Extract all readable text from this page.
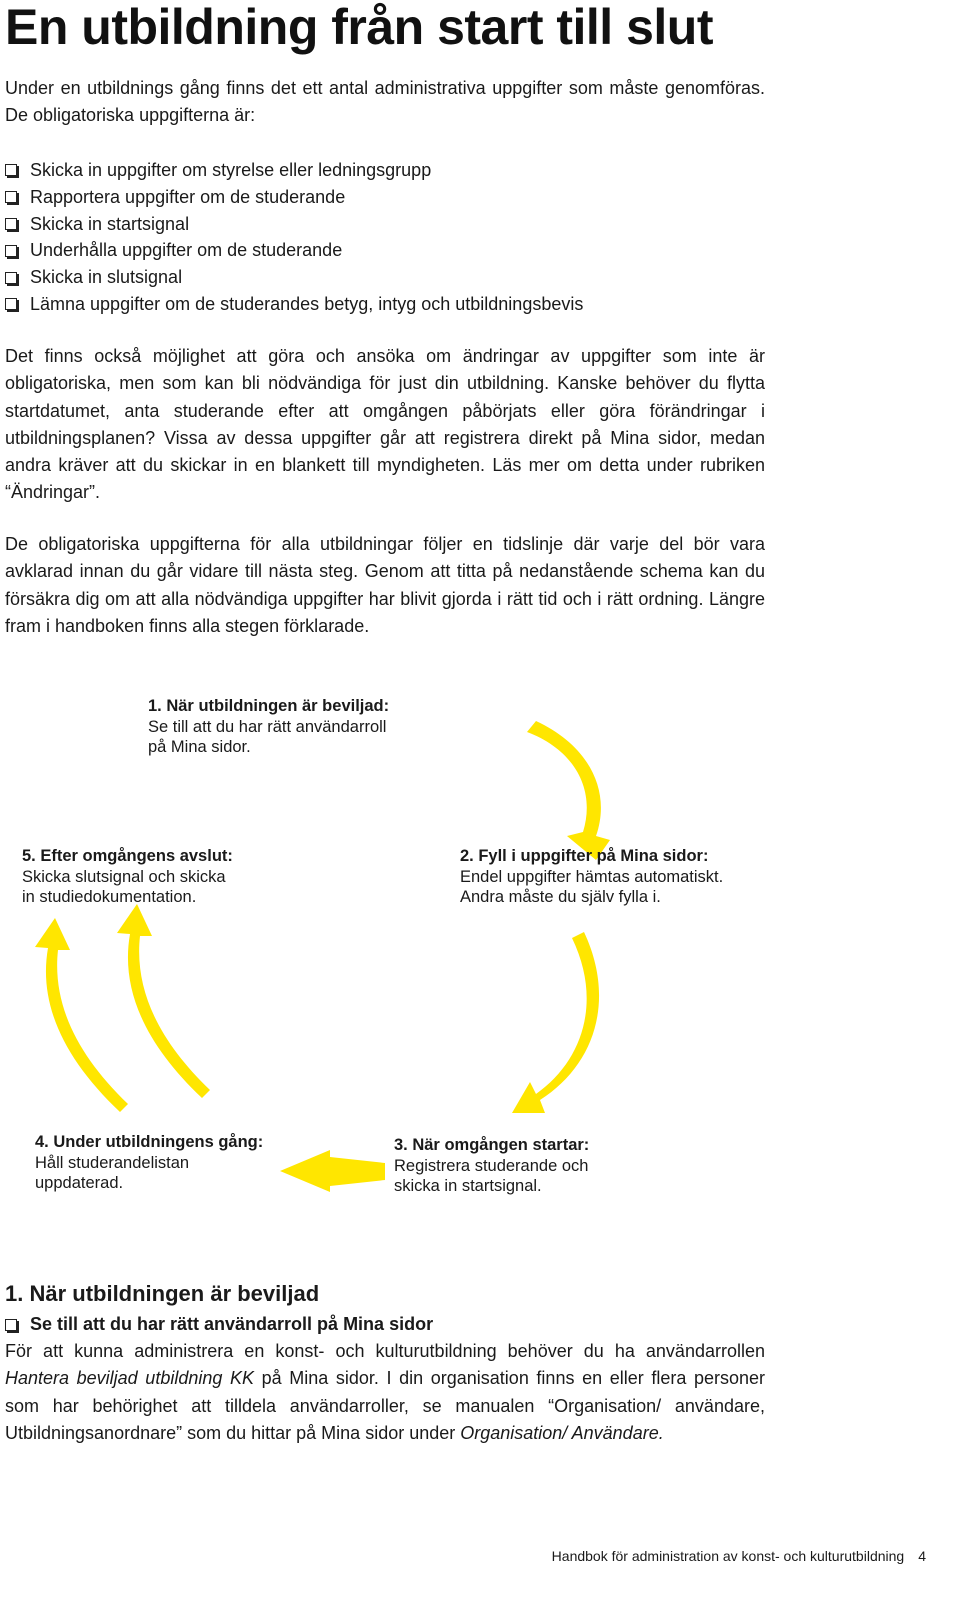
En utbildning från start till slut

Under en utbildnings gång finns det ett antal administrativa uppgifter som måste genomföras. De obligatoriska uppgifterna är:

Skicka in uppgifter om styrelse eller ledningsgrupp
Rapportera uppgifter om de studerande
Skicka in startsignal
Underhålla uppgifter om de studerande
Skicka in slutsignal
Lämna uppgifter om de studerandes betyg, intyg och utbildningsbevis

Det finns också möjlighet att göra och ansöka om ändringar av uppgifter som inte är obligatoriska, men som kan bli nödvändiga för just din utbildning. Kanske behöver du flytta startdatumet, anta studerande efter att omgången påbörjats eller göra förändringar i utbildningsplanen? Vissa av dessa uppgifter går att registrera direkt på Mina sidor, medan andra kräver att du skickar in en blankett till myndigheten. Läs mer om detta under rubriken “Ändringar”.

De obligatoriska uppgifterna för alla utbildningar följer en tidslinje där varje del bör vara avklarad innan du går vidare till nästa steg. Genom att titta på nedanstående schema kan du försäkra dig om att alla nödvändiga uppgifter har blivit gjorda i rätt tid och i rätt ordning. Längre fram i handboken finns alla stegen förklarade.

1. När utbildningen är beviljad:
Se till att du har rätt användarroll
på Mina sidor.
2. Fyll i uppgifter på Mina sidor:
Endel uppgifter hämtas automatiskt.
Andra måste du själv fylla i.
3. När omgången startar:
Registrera studerande och
skicka in startsignal.
4. Under utbildningens gång:
Håll studerandelistan
uppdaterad.
5. Efter omgångens avslut:
Skicka slutsignal och skicka
in studiedokumentation.
1. När utbildningen är beviljad
Se till att du har rätt användarroll på Mina sidor

För att kunna administrera en konst- och kulturutbildning behöver du ha användarrollen Hantera beviljad utbildning KK på Mina sidor. I din organisation finns en eller flera personer som har behörighet att tilldela användarroller, se manualen “Organisation/ användare, Utbildningsanordnare” som du hittar på Mina sidor under Organisation/ Användare.

Handbok för administration av konst- och kulturutbildning 4
